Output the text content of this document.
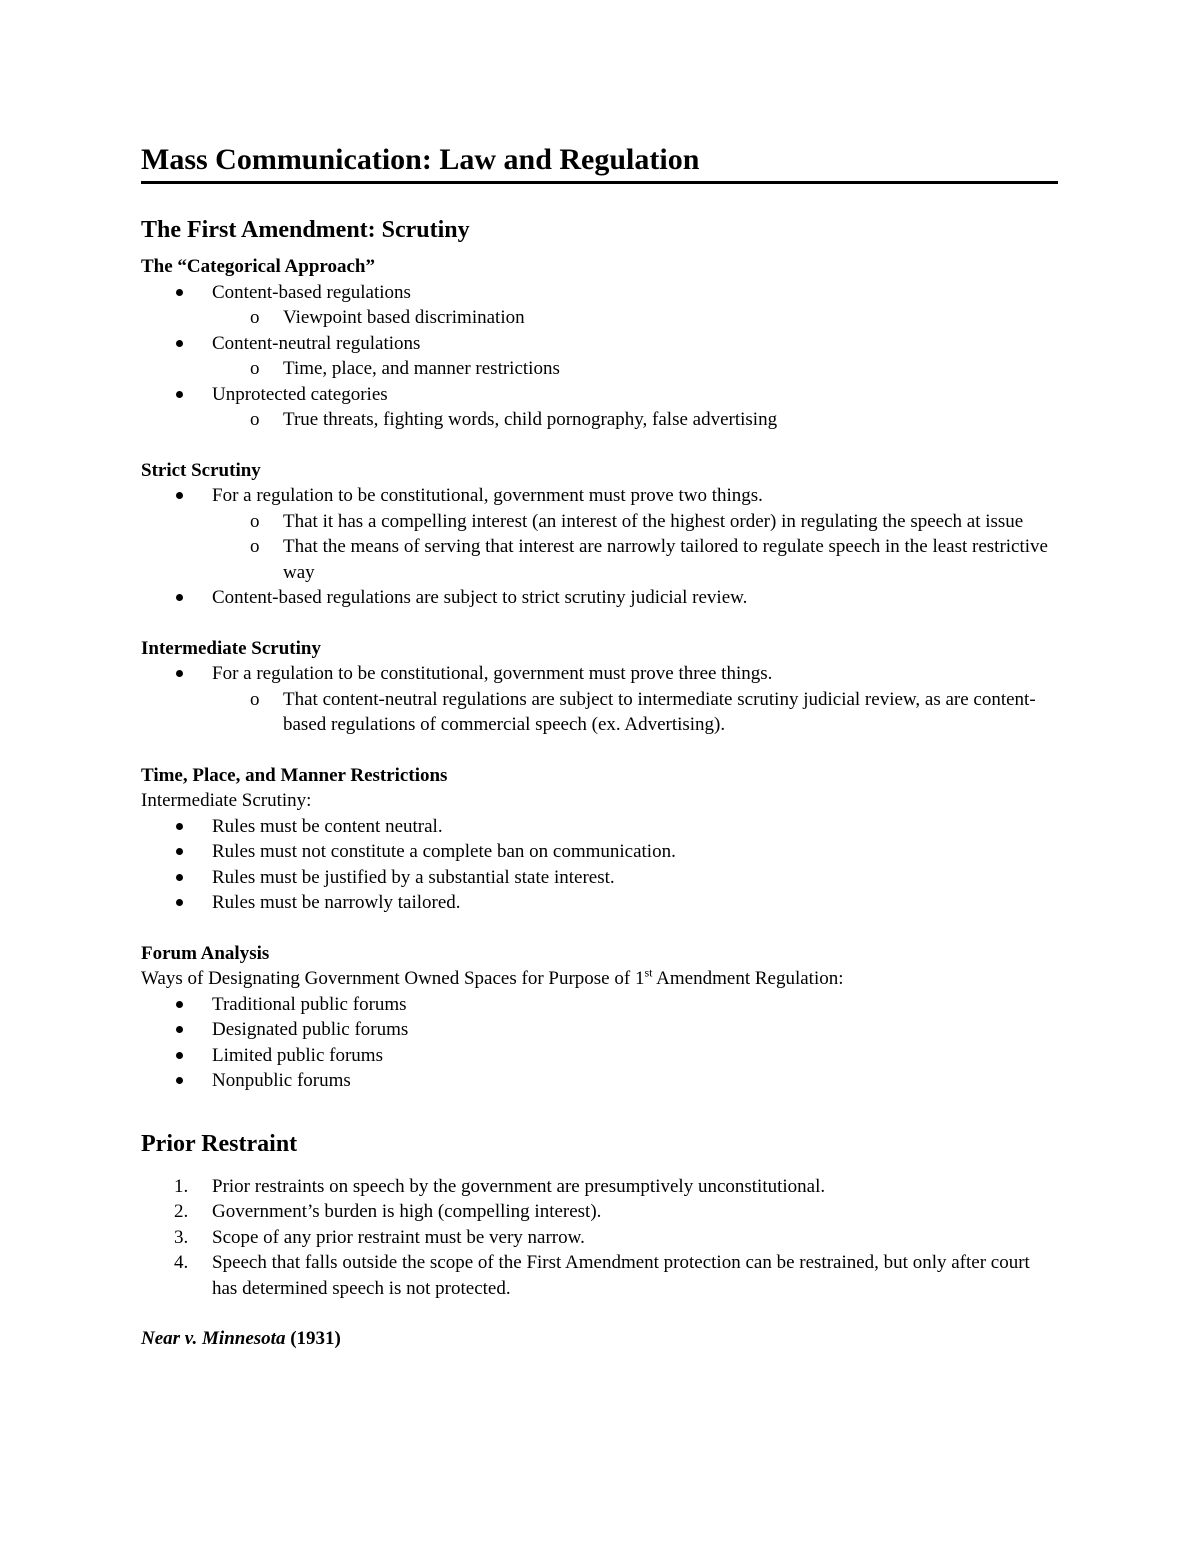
Mass Communication: Law and Regulation
The First Amendment: Scrutiny
The “Categorical Approach”
Content-based regulations
o Viewpoint based discrimination
Content-neutral regulations
o Time, place, and manner restrictions
Unprotected categories
o True threats, fighting words, child pornography, false advertising
Strict Scrutiny
For a regulation to be constitutional, government must prove two things.
o That it has a compelling interest (an interest of the highest order) in regulating the speech at issue
o That the means of serving that interest are narrowly tailored to regulate speech in the least restrictive way
Content-based regulations are subject to strict scrutiny judicial review.
Intermediate Scrutiny
For a regulation to be constitutional, government must prove three things.
o That content-neutral regulations are subject to intermediate scrutiny judicial review, as are content-based regulations of commercial speech (ex. Advertising).
Time, Place, and Manner Restrictions
Intermediate Scrutiny:
Rules must be content neutral.
Rules must not constitute a complete ban on communication.
Rules must be justified by a substantial state interest.
Rules must be narrowly tailored.
Forum Analysis
Ways of Designating Government Owned Spaces for Purpose of 1st Amendment Regulation:
Traditional public forums
Designated public forums
Limited public forums
Nonpublic forums
Prior Restraint
1. Prior restraints on speech by the government are presumptively unconstitutional.
2. Government’s burden is high (compelling interest).
3. Scope of any prior restraint must be very narrow.
4. Speech that falls outside the scope of the First Amendment protection can be restrained, but only after court has determined speech is not protected.
Near v. Minnesota (1931)
